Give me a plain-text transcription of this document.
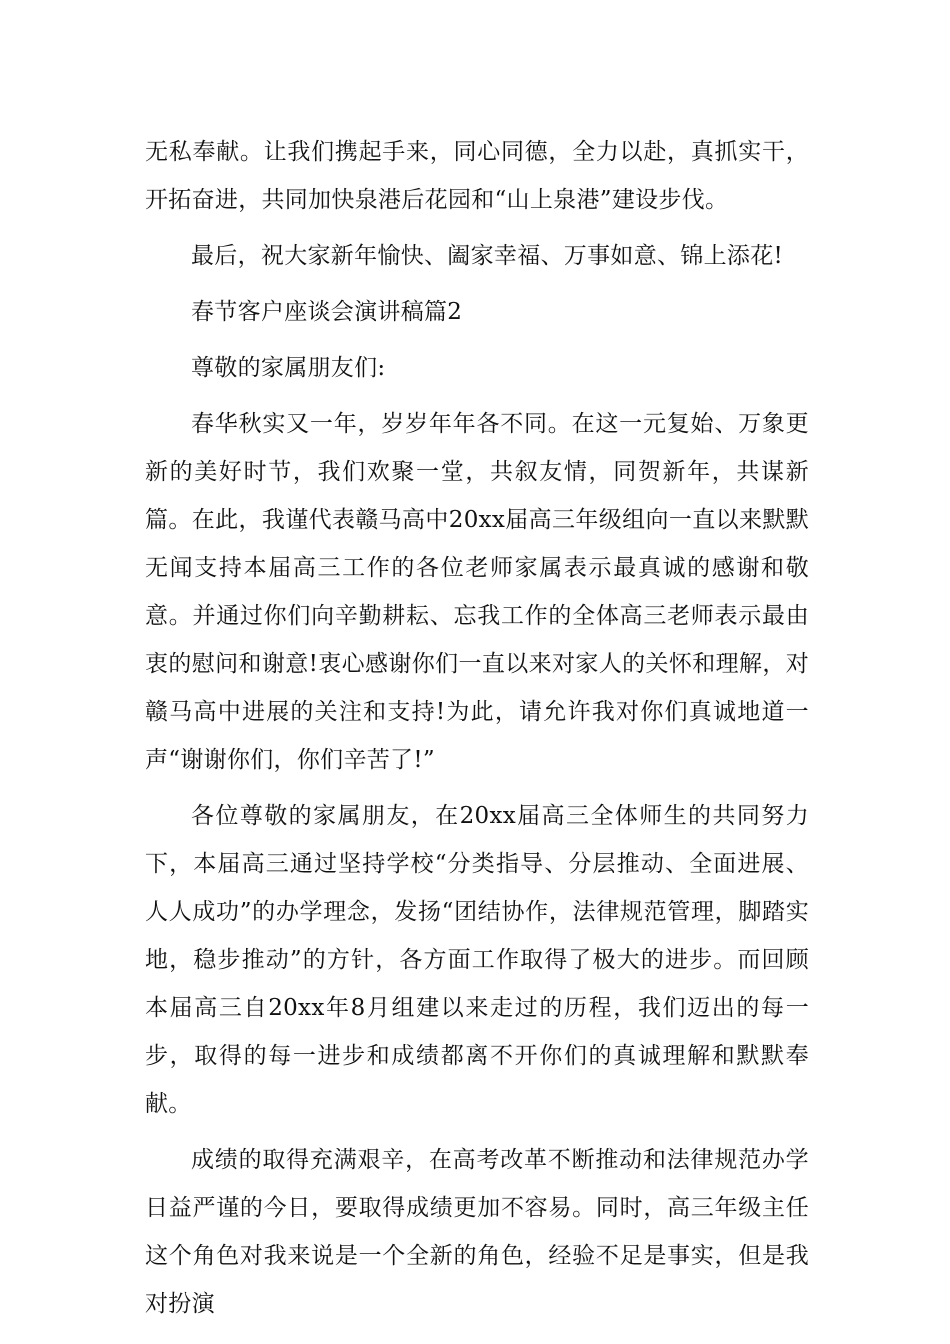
无私奉献。让我们携起手来，同心同德，全力以赴，真抓实干，开拓奋进，共同加快泉港后花园和“山上泉港”建设步伐。

最后，祝大家新年愉快、阖家幸福、万事如意、锦上添花!

春节客户座谈会演讲稿篇2

尊敬的家属朋友们:

春华秋实又一年，岁岁年年各不同。在这一元复始、万象更新的美好时节，我们欢聚一堂，共叙友情，同贺新年，共谋新篇。在此，我谨代表赣马高中20xx届高三年级组向一直以来默默无闻支持本届高三工作的各位老师家属表示最真诚的感谢和敬意。并通过你们向辛勤耕耘、忘我工作的全体高三老师表示最由衷的慰问和谢意!衷心感谢你们一直以来对家人的关怀和理解，对赣马高中进展的关注和支持!为此，请允许我对你们真诚地道一声“谢谢你们，你们辛苦了!”

各位尊敬的家属朋友，在20xx届高三全体师生的共同努力下，本届高三通过坚持学校“分类指导、分层推动、全面进展、人人成功”的办学理念，发扬“团结协作，法律规范管理，脚踏实地，稳步推动”的方针，各方面工作取得了极大的进步。而回顾本届高三自20xx年8月组建以来走过的历程，我们迈出的每一步，取得的每一进步和成绩都离不开你们的真诚理解和默默奉献。

成绩的取得充满艰辛，在高考改革不断推动和法律规范办学日益严谨的今日，要取得成绩更加不容易。同时，高三年级主任这个角色对我来说是一个全新的角色，经验不足是事实，但是我对扮演
